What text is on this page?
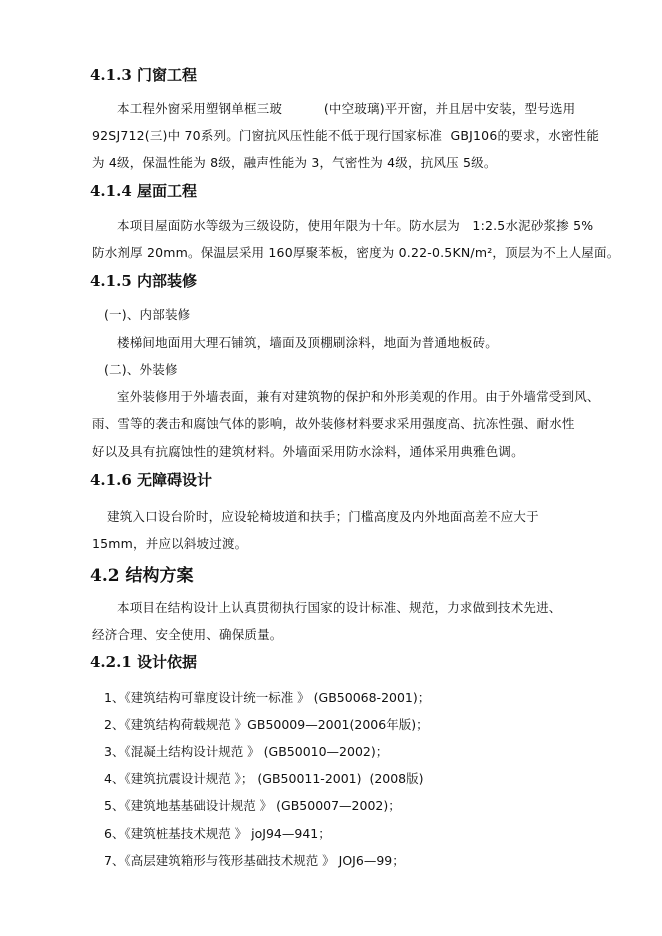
4.1.3 门窗工程
本工程外窗采用塑钢单框三玻          (中空玻璃)平开窗，并且居中安装，型号选用
92SJ712(三)中 70系列。门窗抗风压性能不低于现行国家标准  GBJ106的要求，水密性能
为 4级，保温性能为 8级，融声性能为 3，气密性为 4级，抗风压 5级。
4.1.4 屋面工程
本项目屋面防水等级为三级设防，使用年限为十年。防水层为   1:2.5水泥砂浆掺 5%
防水剂厚 20mm。保温层采用 160厚聚苯板，密度为 0.22-0.5KN/m²，顶层为不上人屋面。
4.1.5 内部装修
(一)、内部装修
楼梯间地面用大理石铺筑，墙面及顶棚刷涂料，地面为普通地板砖。
(二)、外装修
室外装修用于外墙表面，兼有对建筑物的保护和外形美观的作用。由于外墙常受到风、
雨、雪等的袭击和腐蚀气体的影响，故外装修材料要求采用强度高、抗冻性强、耐水性
好以及具有抗腐蚀性的建筑材料。外墙面采用防水涂料，通体采用典雅色调。
4.1.6 无障碍设计
建筑入口设台阶时，应设轮椅坡道和扶手；门槛高度及内外地面高差不应大于
15mm，并应以斜坡过渡。
4.2 结构方案
本项目在结构设计上认真贯彻执行国家的设计标准、规范，力求做到技术先进、
经济合理、安全使用、确保质量。
4.2.1 设计依据
1、《建筑结构可靠度设计统一标准 》 (GB50068-2001)；
2、《建筑结构荷载规范 》GB50009—2001(2006年版)；
3、《混凝土结构设计规范 》 (GB50010—2002)；
4、《建筑抗震设计规范 》； (GB50011-2001)  (2008版)
5、《建筑地基基础设计规范 》 (GB50007—2002)；
6、《建筑桩基技术规范 》 joJ94—941；
7、《高层建筑箱形与筏形基础技术规范 》 JOJ6—99；
